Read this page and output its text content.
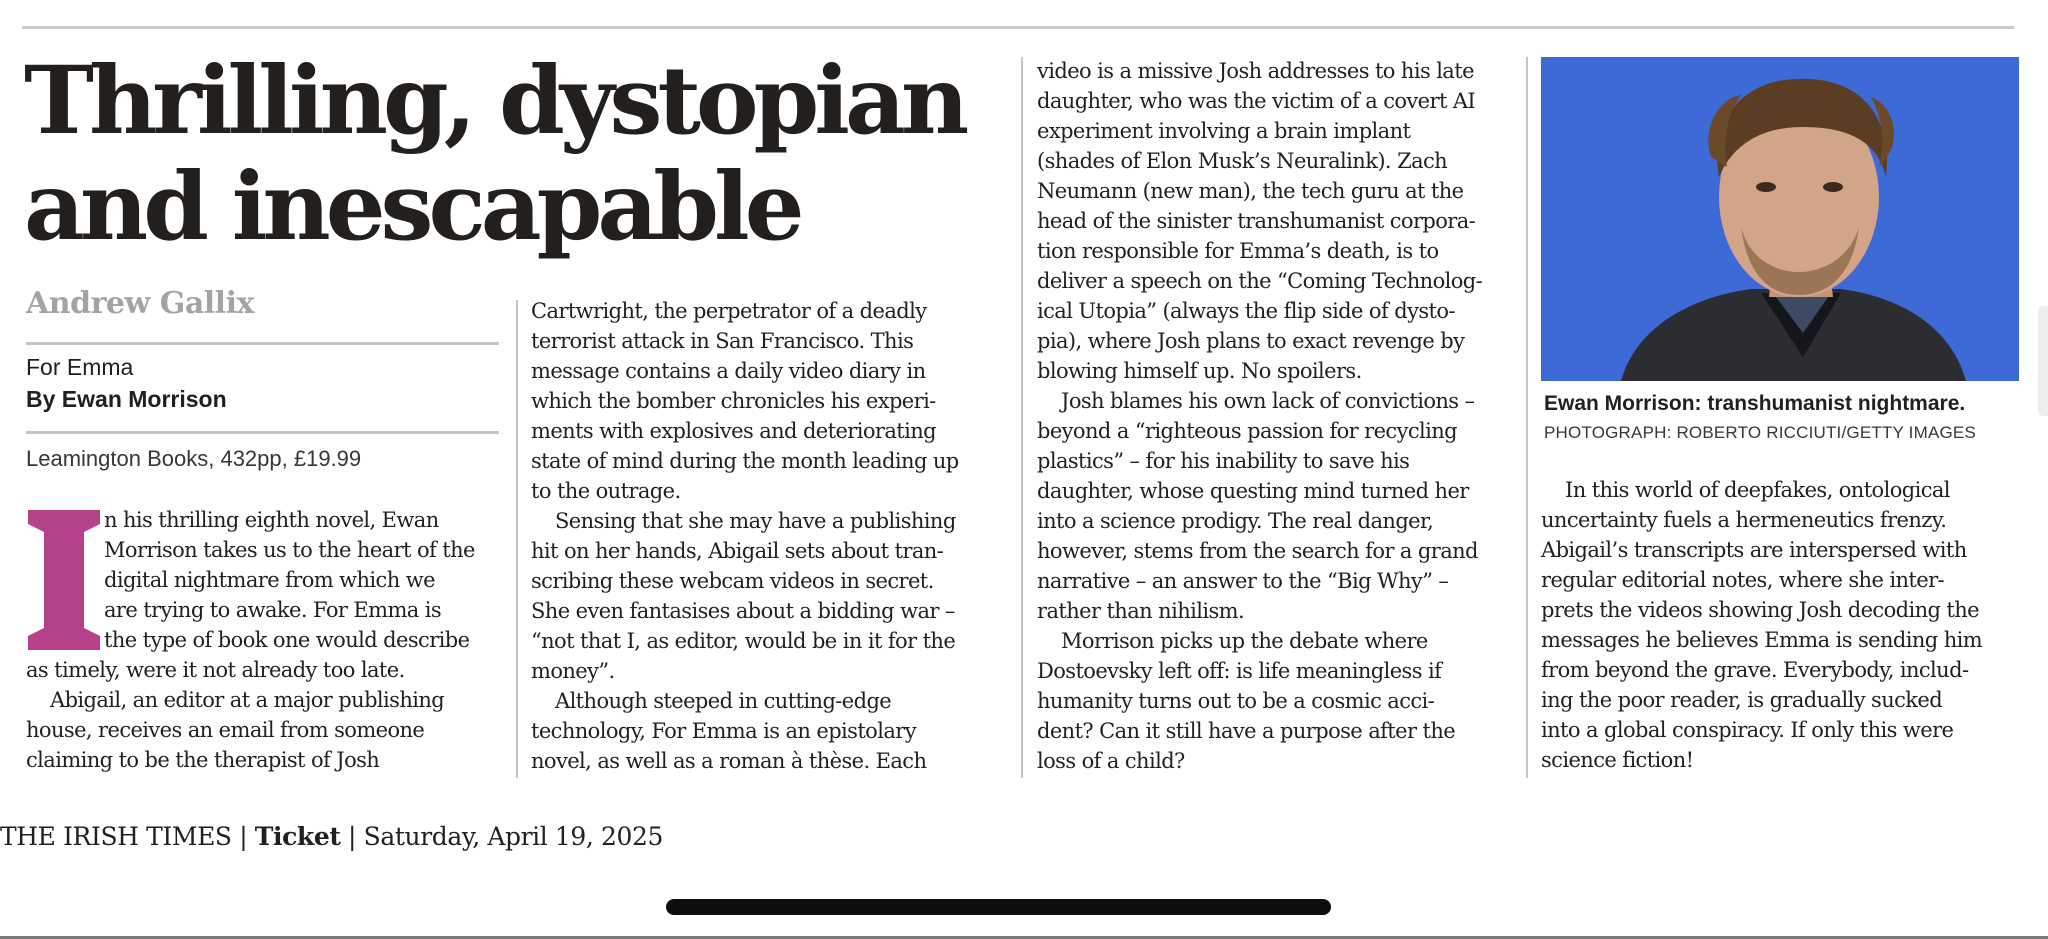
Thrilling, dystopian
and inescapable
Andrew Gallix
For Emma
By Ewan Morrison
Leamington Books, 432pp, £19.99

n his thrilling eighth novel, Ewan

Morrison takes us to the heart of the

digital nightmare from which we

are trying to awake. For Emma is

the type of book one would describe

as timely, were it not already too late.

Abigail, an editor at a major publishing

house, receives an email from someone

claiming to be the therapist of Josh

Cartwright, the perpetrator of a deadly

terrorist attack in San Francisco. This

message contains a daily video diary in

which the bomber chronicles his experi-

ments with explosives and deteriorating

state of mind during the month leading up

to the outrage.

Sensing that she may have a publishing

hit on her hands, Abigail sets about tran-

scribing these webcam videos in secret.

She even fantasises about a bidding war –

“not that I, as editor, would be in it for the

money”.

Although steeped in cutting-edge

technology, For Emma is an epistolary

novel, as well as a roman à thèse. Each

video is a missive Josh addresses to his late

daughter, who was the victim of a covert AI

experiment involving a brain implant

(shades of Elon Musk’s Neuralink). Zach

Neumann (new man), the tech guru at the

head of the sinister transhumanist corpora-

tion responsible for Emma’s death, is to

deliver a speech on the “Coming Technolog-

ical Utopia” (always the flip side of dysto-

pia), where Josh plans to exact revenge by

blowing himself up. No spoilers.

Josh blames his own lack of convictions –

beyond a “righteous passion for recycling

plastics” – for his inability to save his

daughter, whose questing mind turned her

into a science prodigy. The real danger,

however, stems from the search for a grand

narrative – an answer to the “Big Why” –

rather than nihilism.

Morrison picks up the debate where

Dostoevsky left off: is life meaningless if

humanity turns out to be a cosmic acci-

dent? Can it still have a purpose after the

loss of a child?

Ewan Morrison: transhumanist nightmare.
PHOTOGRAPH: ROBERTO RICCIUTI/GETTY IMAGES

In this world of deepfakes, ontological

uncertainty fuels a hermeneutics frenzy.

Abigail’s transcripts are interspersed with

regular editorial notes, where she inter-

prets the videos showing Josh decoding the

messages he believes Emma is sending him

from beyond the grave. Everybody, includ-

ing the poor reader, is gradually sucked

into a global conspiracy. If only this were

science fiction!

THE IRISH TIMES | Ticket | Saturday, April 19, 2025
